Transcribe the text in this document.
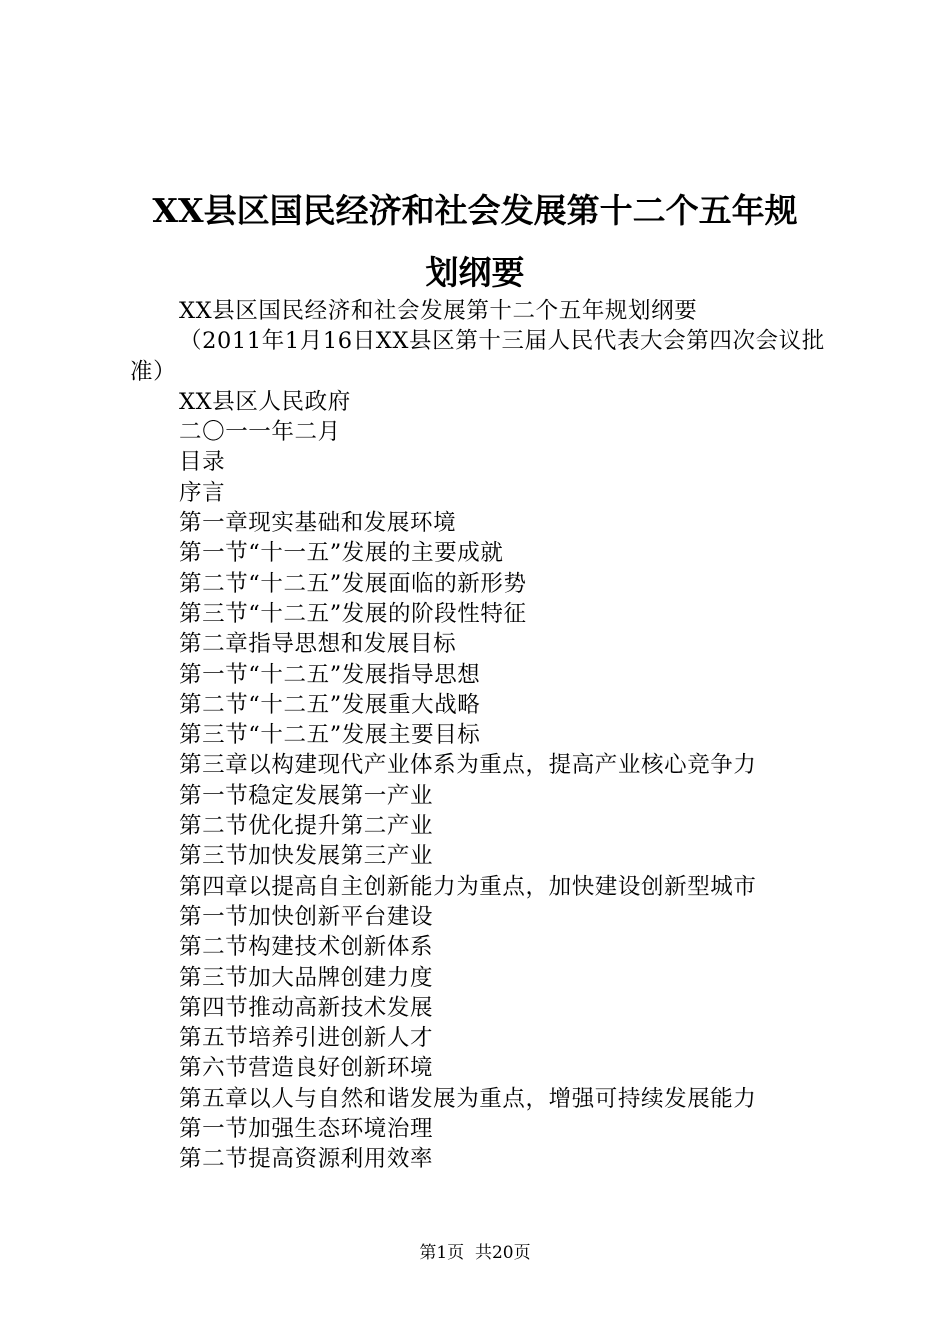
XX县区国民经济和社会发展第十二个五年规
划纲要
XX县区国民经济和社会发展第十二个五年规划纲要
（2011年1月16日XX县区第十三届人民代表大会第四次会议批准）
XX县区人民政府
二〇一一年二月
目录
序言
第一章现实基础和发展环境
第一节“十一五”发展的主要成就
第二节“十二五”发展面临的新形势
第三节“十二五”发展的阶段性特征
第二章指导思想和发展目标
第一节“十二五”发展指导思想
第二节“十二五”发展重大战略
第三节“十二五”发展主要目标
第三章以构建现代产业体系为重点，提高产业核心竞争力
第一节稳定发展第一产业
第二节优化提升第二产业
第三节加快发展第三产业
第四章以提高自主创新能力为重点，加快建设创新型城市
第一节加快创新平台建设
第二节构建技术创新体系
第三节加大品牌创建力度
第四节推动高新技术发展
第五节培养引进创新人才
第六节营造良好创新环境
第五章以人与自然和谐发展为重点，增强可持续发展能力
第一节加强生态环境治理
第二节提高资源利用效率
第1页  共20页
